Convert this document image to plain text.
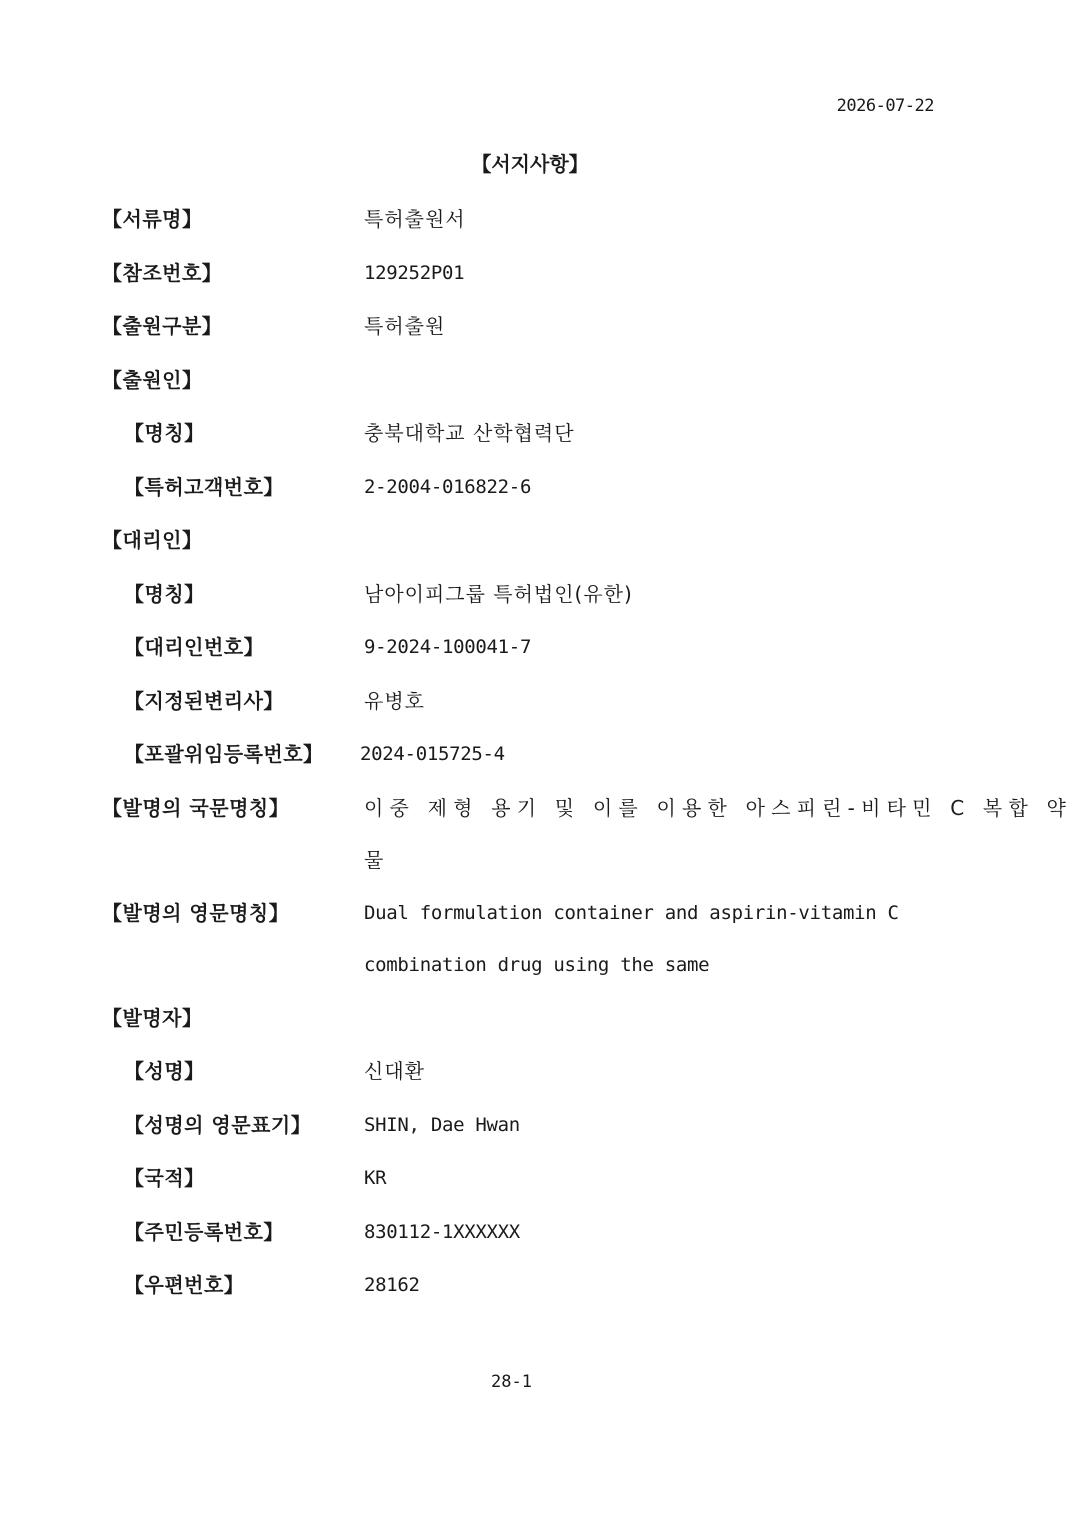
2026-07-22
【서지사항】
【서류명】	특허출원서
【참조번호】	129252P01
【출원구분】	특허출원
【출원인】
【명칭】	충북대학교 산학협력단
【특허고객번호】	2-2004-016822-6
【대리인】
【명칭】	남아이피그룹 특허법인(유한)
【대리인번호】	9-2024-100041-7
【지정된변리사】	유병호
【포괄위임등록번호】 2024-015725-4
【발명의 국문명칭】	이중 제형 용기 및 이를 이용한 아스피린-비타민 C 복합 약
물
【발명의 영문명칭】	Dual formulation container and aspirin-vitamin C
combination drug using the same
【발명자】
【성명】	신대환
【성명의 영문표기】	SHIN, Dae Hwan
【국적】	KR
【주민등록번호】	830112-1XXXXXX
【우편번호】	28162
28-1
